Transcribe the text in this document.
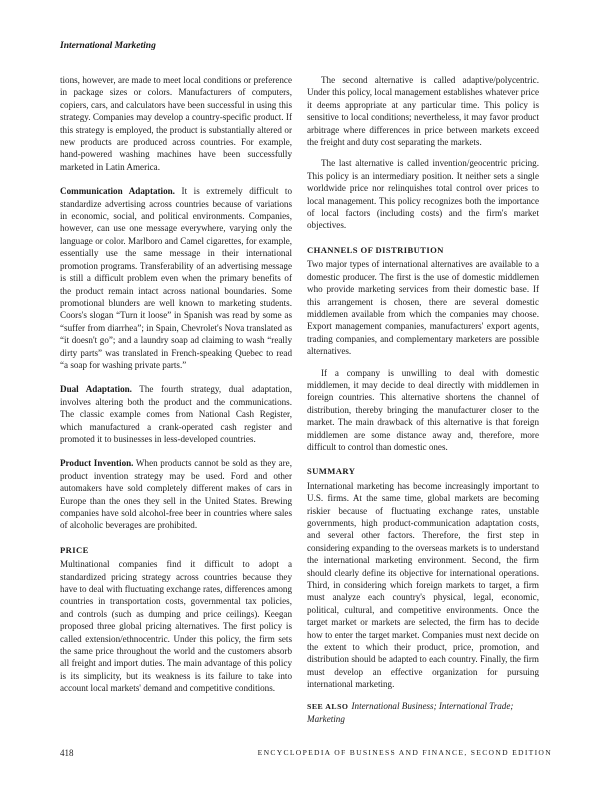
International Marketing

tions, however, are made to meet local conditions or preference in package sizes or colors. Manufacturers of computers, copiers, cars, and calculators have been successful in using this strategy. Companies may develop a country-specific product. If this strategy is employed, the product is substantially altered or new products are produced across countries. For example, hand-powered washing machines have been successfully marketed in Latin America.

Communication Adaptation. It is extremely difficult to standardize advertising across countries because of variations in economic, social, and political environments. Companies, however, can use one message everywhere, varying only the language or color. Marlboro and Camel cigarettes, for example, essentially use the same message in their international promotion programs. Transferability of an advertising message is still a difficult problem even when the primary benefits of the product remain intact across national boundaries. Some promotional blunders are well known to marketing students. Coors's slogan “Turn it loose” in Spanish was read by some as “suffer from diarrhea”; in Spain, Chevrolet's Nova translated as “it doesn't go”; and a laundry soap ad claiming to wash “really dirty parts” was translated in French-speaking Quebec to read “a soap for washing private parts.”

Dual Adaptation. The fourth strategy, dual adaptation, involves altering both the product and the communications. The classic example comes from National Cash Register, which manufactured a crank-operated cash register and promoted it to businesses in less-developed countries.

Product Invention. When products cannot be sold as they are, product invention strategy may be used. Ford and other automakers have sold completely different makes of cars in Europe than the ones they sell in the United States. Brewing companies have sold alcohol-free beer in countries where sales of alcoholic beverages are prohibited.

PRICE

Multinational companies find it difficult to adopt a standardized pricing strategy across countries because they have to deal with fluctuating exchange rates, differences among countries in transportation costs, governmental tax policies, and controls (such as dumping and price ceilings). Keegan proposed three global pricing alternatives. The first policy is called extension/ethnocentric. Under this policy, the firm sets the same price throughout the world and the customers absorb all freight and import duties. The main advantage of this policy is its simplicity, but its weakness is its failure to take into account local markets' demand and competitive conditions.

The second alternative is called adaptive/polycentric. Under this policy, local management establishes whatever price it deems appropriate at any particular time. This policy is sensitive to local conditions; nevertheless, it may favor product arbitrage where differences in price between markets exceed the freight and duty cost separating the markets.

The last alternative is called invention/geocentric pricing. This policy is an intermediary position. It neither sets a single worldwide price nor relinquishes total control over prices to local management. This policy recognizes both the importance of local factors (including costs) and the firm's market objectives.

CHANNELS OF DISTRIBUTION

Two major types of international alternatives are available to a domestic producer. The first is the use of domestic middlemen who provide marketing services from their domestic base. If this arrangement is chosen, there are several domestic middlemen available from which the companies may choose. Export management companies, manufacturers' export agents, trading companies, and complementary marketers are possible alternatives.

If a company is unwilling to deal with domestic middlemen, it may decide to deal directly with middlemen in foreign countries. This alternative shortens the channel of distribution, thereby bringing the manufacturer closer to the market. The main drawback of this alternative is that foreign middlemen are some distance away and, therefore, more difficult to control than domestic ones.

SUMMARY

International marketing has become increasingly important to U.S. firms. At the same time, global markets are becoming riskier because of fluctuating exchange rates, unstable governments, high product-communication adaptation costs, and several other factors. Therefore, the first step in considering expanding to the overseas markets is to understand the international marketing environment. Second, the firm should clearly define its objective for international operations. Third, in considering which foreign markets to target, a firm must analyze each country's physical, legal, economic, political, cultural, and competitive environments. Once the target market or markets are selected, the firm has to decide how to enter the target market. Companies must next decide on the extent to which their product, price, promotion, and distribution should be adapted to each country. Finally, the firm must develop an effective organization for pursuing international marketing.

SEE ALSO International Business; International Trade; Marketing

418	ENCYCLOPEDIA OF BUSINESS AND FINANCE, SECOND EDITION
